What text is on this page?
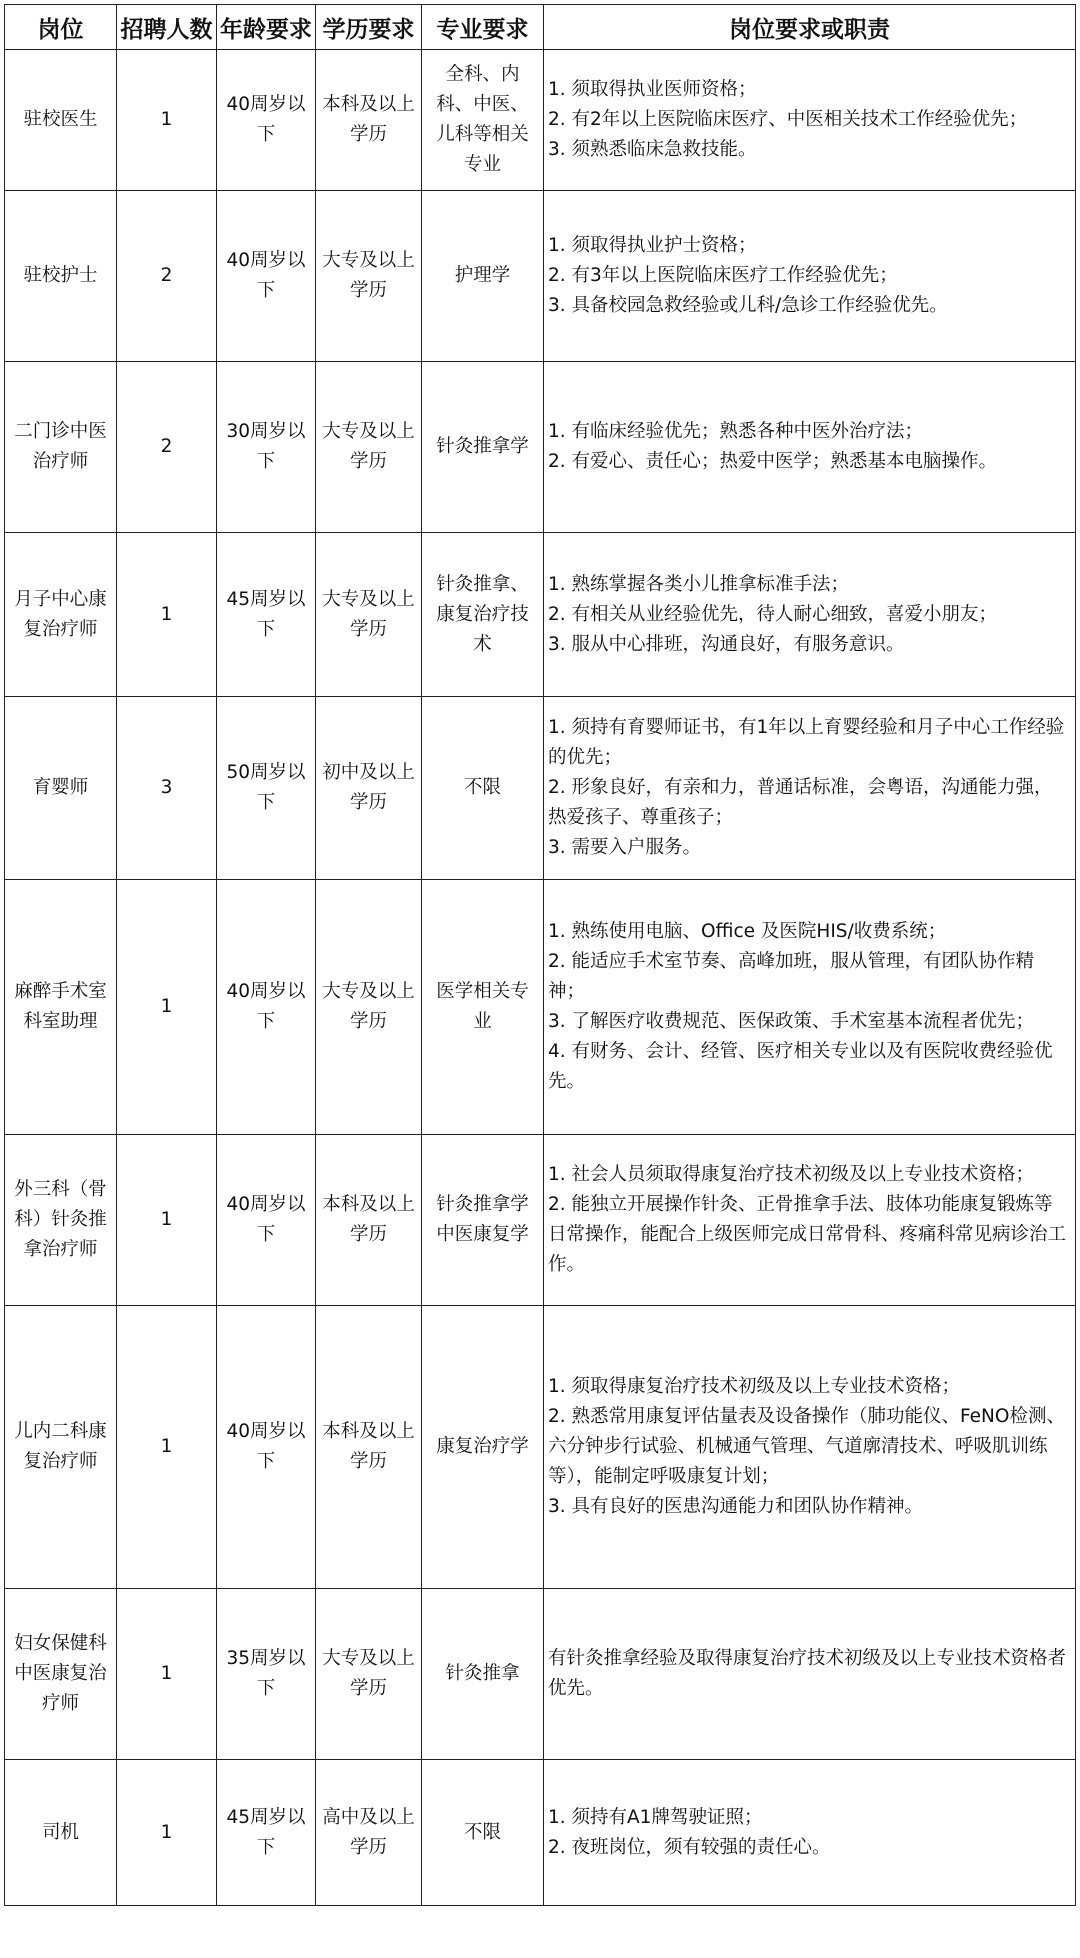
岗位	招聘人数	年龄要求	学历要求	专业要求	岗位要求或职责
驻校医生	1	40周岁以下	本科及以上学历	全科、内科、中医、儿科等相关专业	1. 须取得执业医师资格；
2. 有2年以上医院临床医疗、中医相关技术工作经验优先；
3. 须熟悉临床急救技能。

驻校护士	2	40周岁以下	大专及以上学历	护理学	1. 须取得执业护士资格；
2. 有3年以上医院临床医疗工作经验优先；
3. 具备校园急救经验或儿科/急诊工作经验优先。

二门诊中医治疗师	2	30周岁以下	大专及以上学历	针灸推拿学	1. 有临床经验优先；熟悉各种中医外治疗法；
2. 有爱心、责任心；热爱中医学；熟悉基本电脑操作。

月子中心康复治疗师	1	45周岁以下	大专及以上学历	针灸推拿、康复治疗技术	1. 熟练掌握各类小儿推拿标准手法；
2. 有相关从业经验优先，待人耐心细致，喜爱小朋友；
3. 服从中心排班，沟通良好，有服务意识。

育婴师	3	50周岁以下	初中及以上学历	不限	1. 须持有育婴师证书，有1年以上育婴经验和月子中心工作经验的优先；
2. 形象良好，有亲和力，普通话标准，会粤语，沟通能力强，热爱孩子、尊重孩子；
3. 需要入户服务。

麻醉手术室科室助理	1	40周岁以下	大专及以上学历	医学相关专业	1. 熟练使用电脑、Office 及医院HIS/收费系统；
2. 能适应手术室节奏、高峰加班，服从管理，有团队协作精神；
3. 了解医疗收费规范、医保政策、手术室基本流程者优先；
4. 有财务、会计、经管、医疗相关专业以及有医院收费经验优先。

外三科（骨科）针灸推拿治疗师	1	40周岁以下	本科及以上学历	针灸推拿学中医康复学	1. 社会人员须取得康复治疗技术初级及以上专业技术资格；
2. 能独立开展操作针灸、正骨推拿手法、肢体功能康复锻炼等日常操作，能配合上级医师完成日常骨科、疼痛科常见病诊治工作。

儿内二科康复治疗师	1	40周岁以下	本科及以上学历	康复治疗学	1. 须取得康复治疗技术初级及以上专业技术资格；
2. 熟悉常用康复评估量表及设备操作（肺功能仪、FeNO检测、六分钟步行试验、机械通气管理、气道廓清技术、呼吸肌训练等），能制定呼吸康复计划；
3. 具有良好的医患沟通能力和团队协作精神。

妇女保健科中医康复治疗师	1	35周岁以下	大专及以上学历	针灸推拿	有针灸推拿经验及取得康复治疗技术初级及以上专业技术资格者优先。

司机	1	45周岁以下	高中及以上学历	不限	1. 须持有A1牌驾驶证照；
2. 夜班岗位，须有较强的责任心。
